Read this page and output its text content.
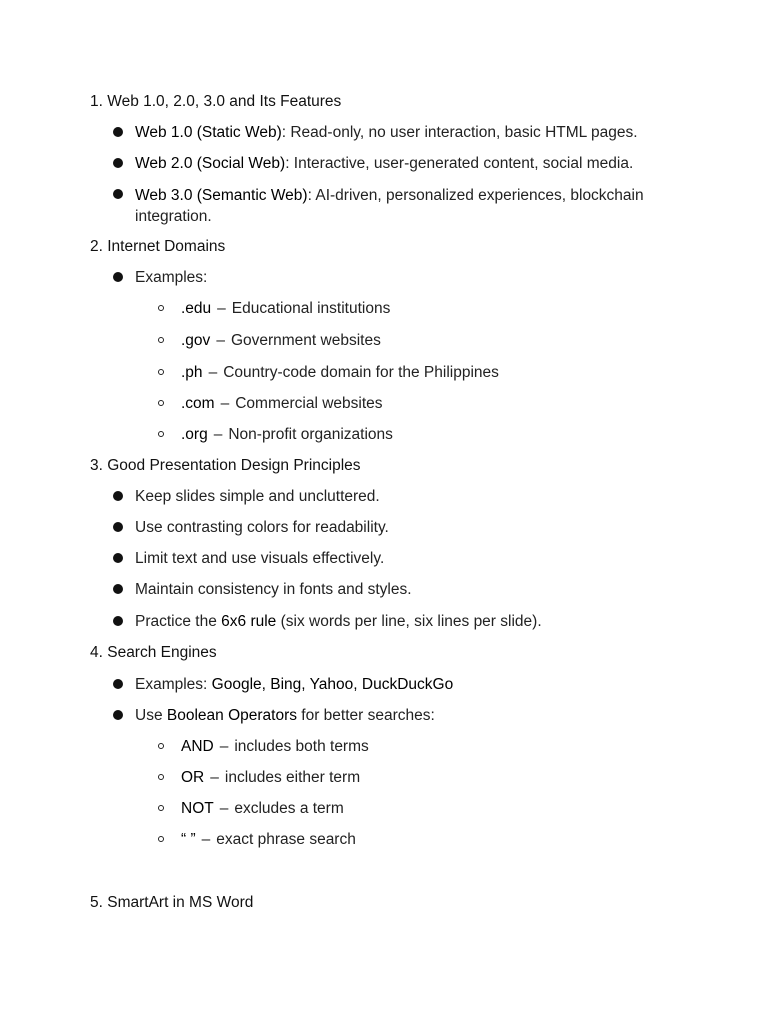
1. Web 1.0, 2.0, 3.0 and Its Features
Web 1.0 (Static Web): Read-only, no user interaction, basic HTML pages.
Web 2.0 (Social Web): Interactive, user-generated content, social media.
Web 3.0 (Semantic Web): AI-driven, personalized experiences, blockchain integration.
2. Internet Domains
Examples:
.edu – Educational institutions
.gov – Government websites
.ph – Country-code domain for the Philippines
.com – Commercial websites
.org – Non-profit organizations
3. Good Presentation Design Principles
Keep slides simple and uncluttered.
Use contrasting colors for readability.
Limit text and use visuals effectively.
Maintain consistency in fonts and styles.
Practice the 6x6 rule (six words per line, six lines per slide).
4. Search Engines
Examples: Google, Bing, Yahoo, DuckDuckGo
Use Boolean Operators for better searches:
AND – includes both terms
OR – includes either term
NOT – excludes a term
“ ” – exact phrase search
5. SmartArt in MS Word
